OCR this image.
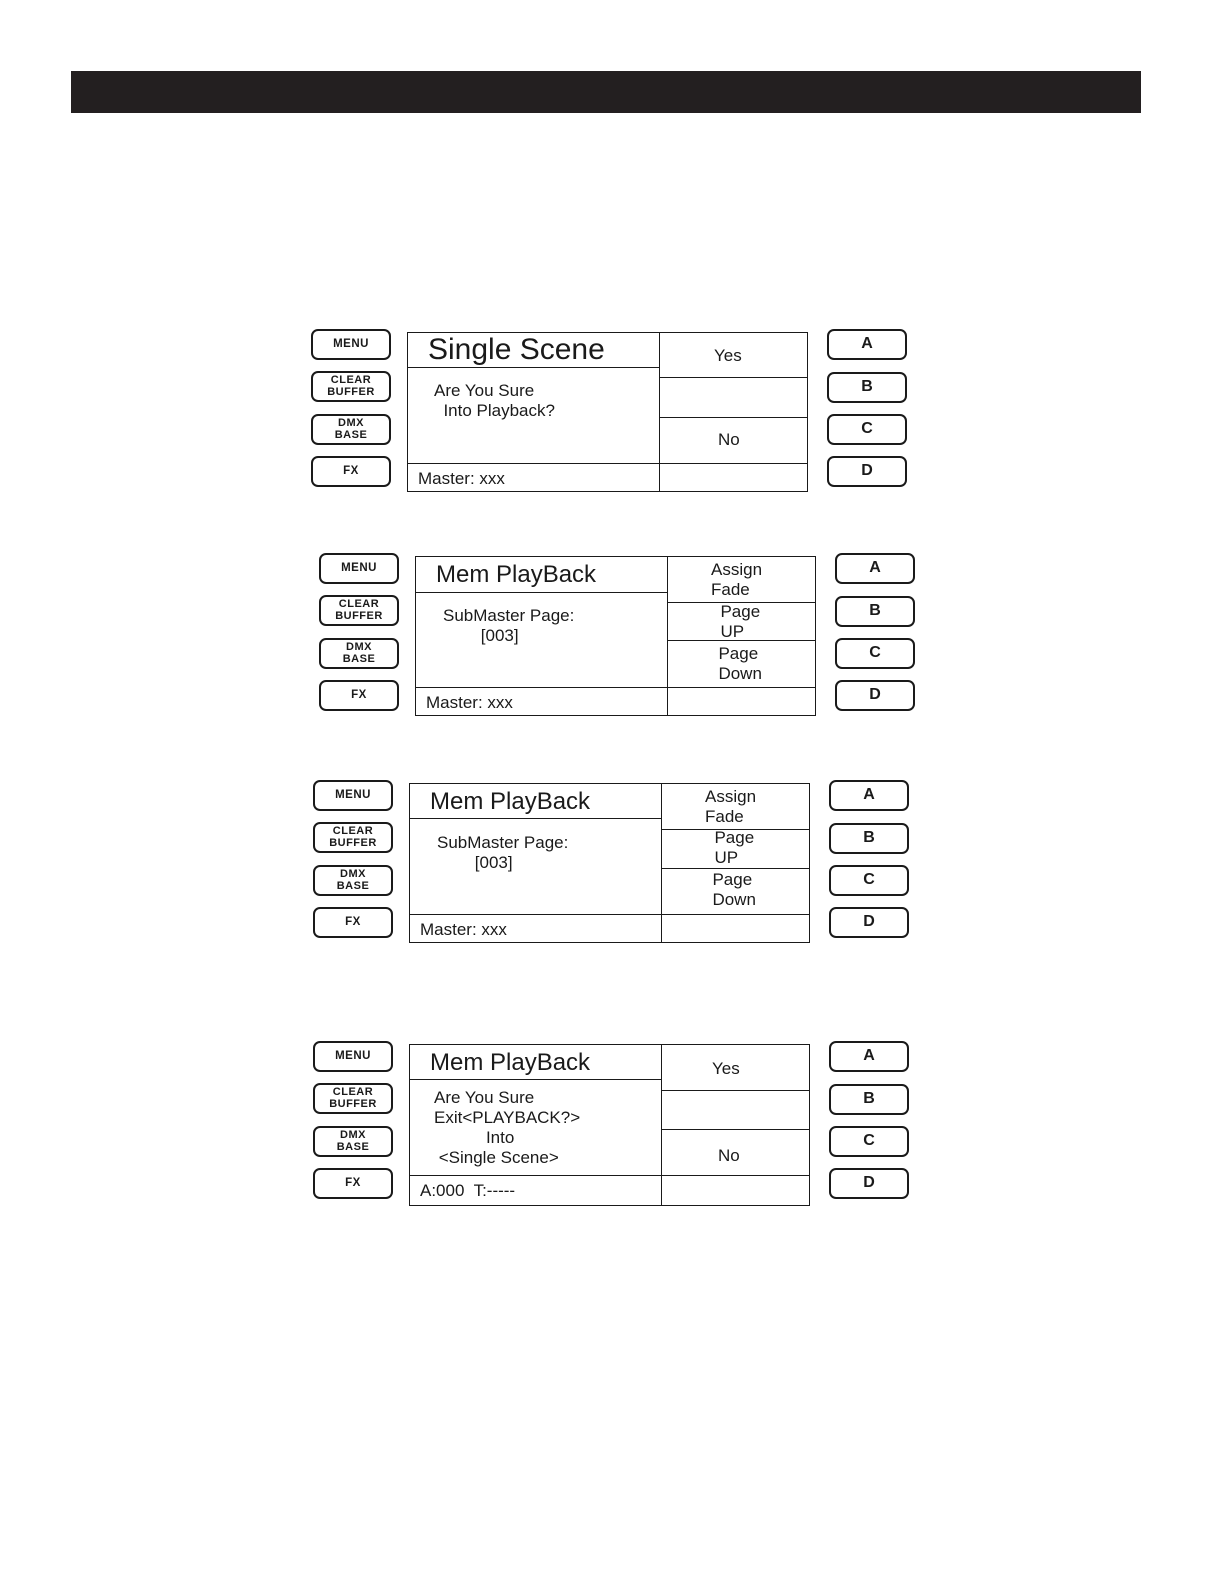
MENU
CLEAR
BUFFER
DMX
BASE
FX
Single Scene
Are You Sure
Into Playback?
Master: xxx
Yes
No
A
B
C
D
MENU
CLEAR
BUFFER
DMX
BASE
FX
Mem PlayBack
SubMaster Page:
[003]
Master: xxx
Assign
Fade
Page
UP
Page
Down
A
B
C
D
MENU
CLEAR
BUFFER
DMX
BASE
FX
Mem PlayBack
SubMaster Page:
[003]
Master: xxx
Assign
Fade
Page
UP
Page
Down
A
B
C
D
MENU
CLEAR
BUFFER
DMX
BASE
FX
Mem PlayBack
Are You Sure
Exit<PLAYBACK?>
Into
<Single Scene>
A:000  T:-----
Yes
No
A
B
C
D
